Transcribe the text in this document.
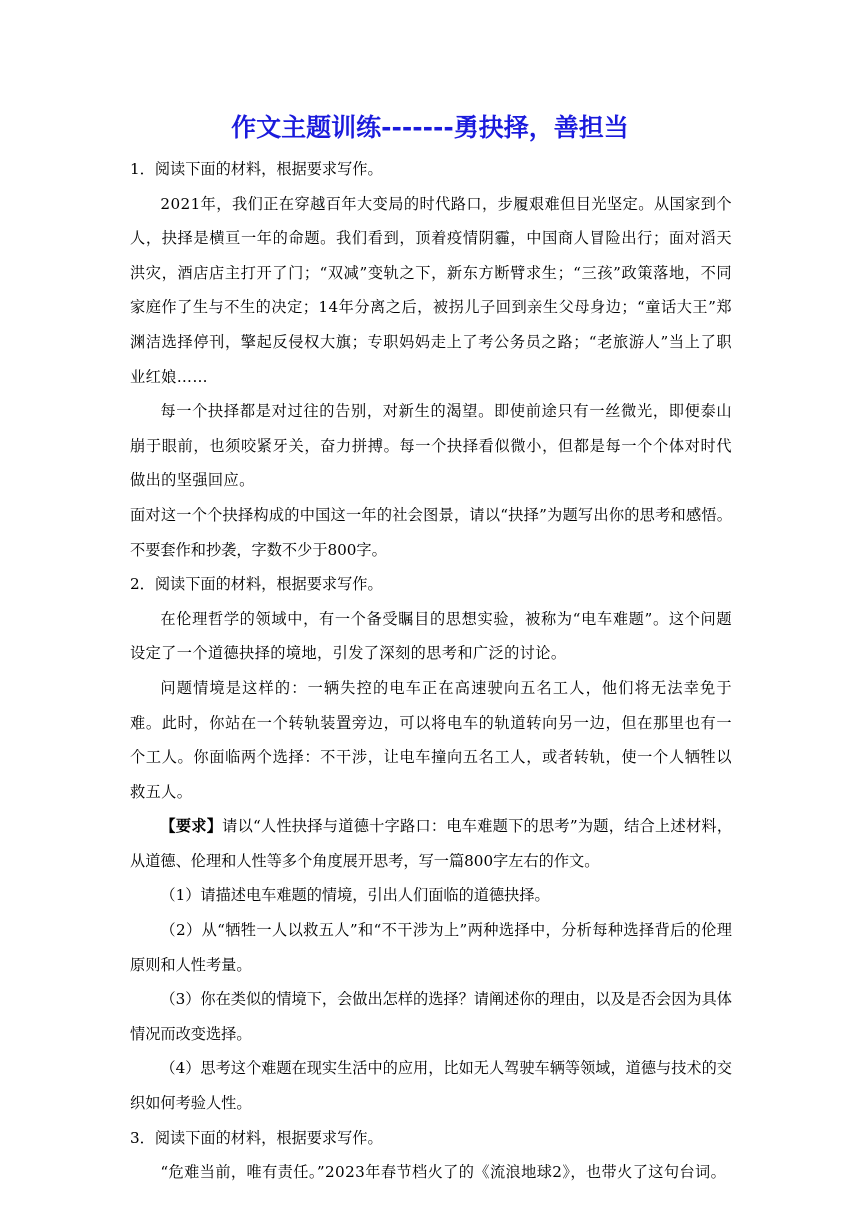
作文主题训练-------勇抉择，善担当

1．阅读下面的材料，根据要求写作。

2021年，我们正在穿越百年大变局的时代路口，步履艰难但目光坚定。从国家到个人，抉择是横亘一年的命题。我们看到，顶着疫情阴霾，中国商人冒险出行；面对滔天洪灾，酒店店主打开了门；“双减”变轨之下，新东方断臂求生；“三孩”政策落地，不同家庭作了生与不生的决定；14年分离之后，被拐儿子回到亲生父母身边；“童话大王”郑渊洁选择停刊，擎起反侵权大旗；专职妈妈走上了考公务员之路；“老旅游人”当上了职业红娘……

每一个抉择都是对过往的告别，对新生的渴望。即使前途只有一丝微光，即便泰山崩于眼前，也须咬紧牙关，奋力拼搏。每一个抉择看似微小，但都是每一个个体对时代做出的坚强回应。

面对这一个个抉择构成的中国这一年的社会图景，请以“抉择”为题写出你的思考和感悟。不要套作和抄袭，字数不少于800字。

2．阅读下面的材料，根据要求写作。

在伦理哲学的领域中，有一个备受瞩目的思想实验，被称为“电车难题”。这个问题设定了一个道德抉择的境地，引发了深刻的思考和广泛的讨论。

问题情境是这样的：一辆失控的电车正在高速驶向五名工人，他们将无法幸免于难。此时，你站在一个转轨装置旁边，可以将电车的轨道转向另一边，但在那里也有一个工人。你面临两个选择：不干涉，让电车撞向五名工人，或者转轨，使一个人牺牲以救五人。

【要求】请以“人性抉择与道德十字路口：电车难题下的思考”为题，结合上述材料，从道德、伦理和人性等多个角度展开思考，写一篇800字左右的作文。

（1）请描述电车难题的情境，引出人们面临的道德抉择。

（2）从“牺牲一人以救五人”和“不干涉为上”两种选择中，分析每种选择背后的伦理原则和人性考量。

（3）你在类似的情境下，会做出怎样的选择？请阐述你的理由，以及是否会因为具体情况而改变选择。

（4）思考这个难题在现实生活中的应用，比如无人驾驶车辆等领域，道德与技术的交织如何考验人性。

3．阅读下面的材料，根据要求写作。

“危难当前，唯有责任。”2023年春节档火了的《流浪地球2》，也带火了这句台词。
